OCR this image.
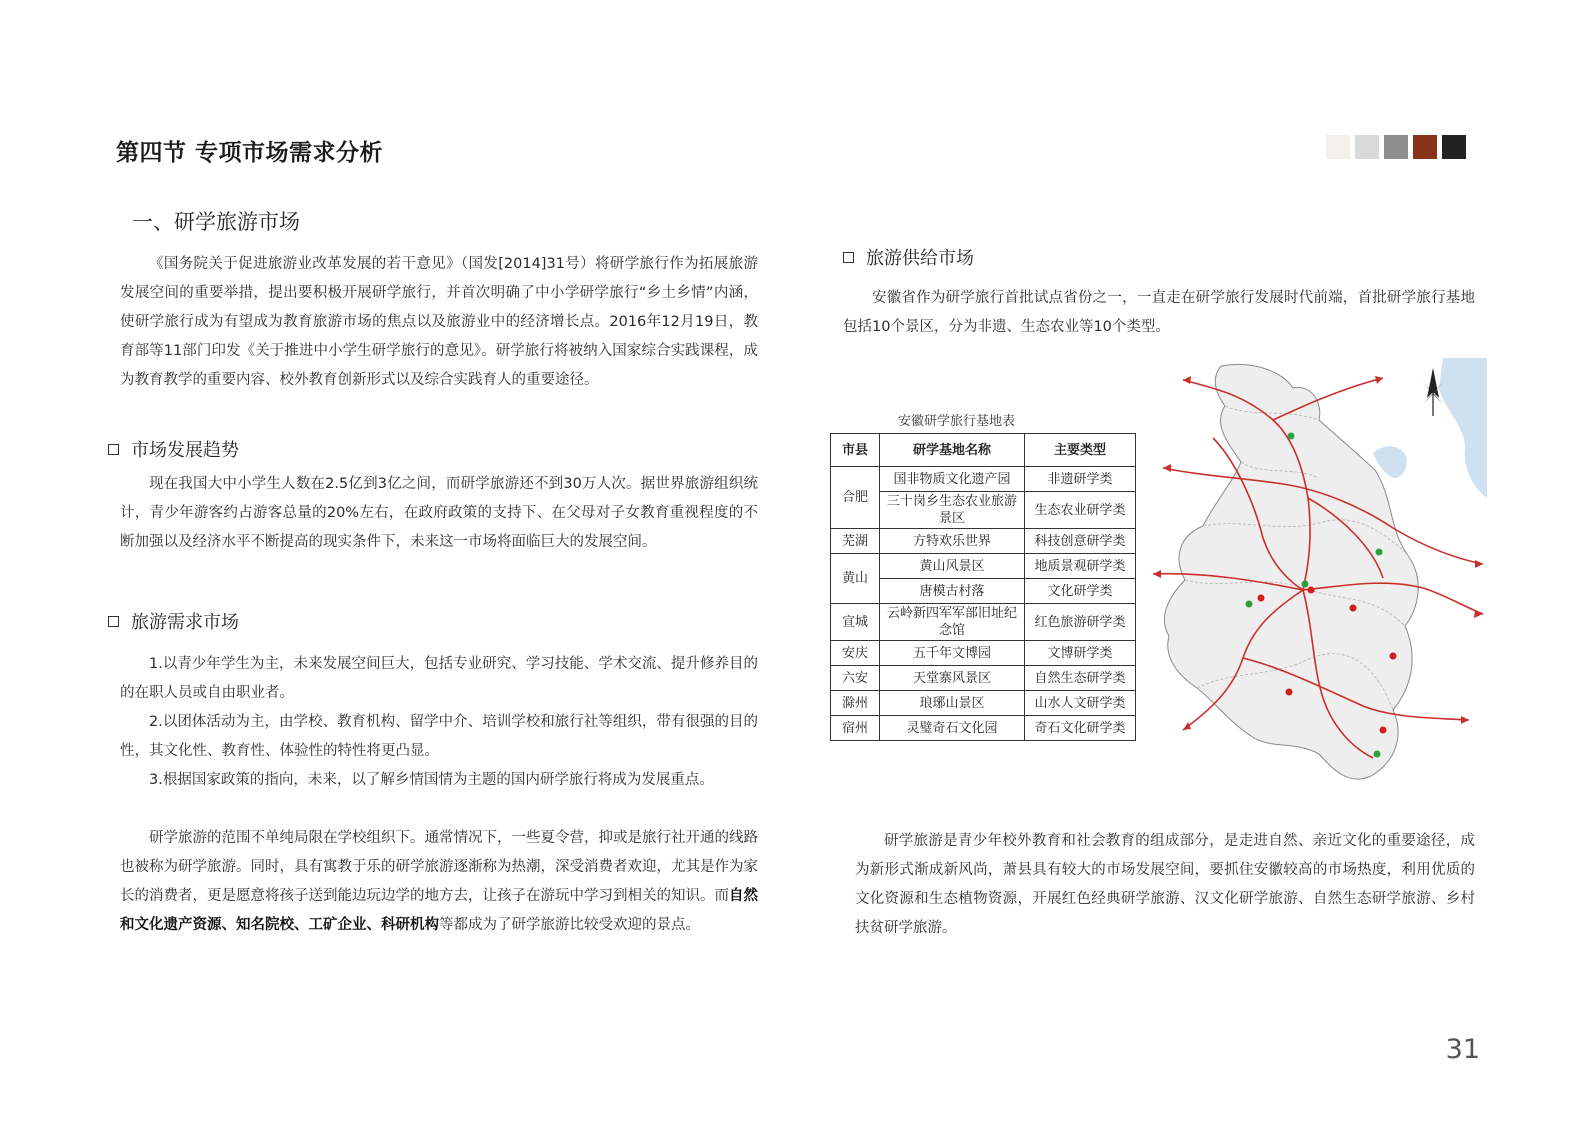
第四节 专项市场需求分析
一、研学旅游市场

《国务院关于促进旅游业改革发展的若干意见》（国发[2014]31号）将研学旅行作为拓展旅游发展空间的重要举措，提出要积极开展研学旅行，并首次明确了中小学研学旅行“乡土乡情”内涵，使研学旅行成为有望成为教育旅游市场的焦点以及旅游业中的经济增长点。2016年12月19日，教育部等11部门印发《关于推进中小学生研学旅行的意见》。研学旅行将被纳入国家综合实践课程，成为教育教学的重要内容、校外教育创新形式以及综合实践育人的重要途径。

市场发展趋势

现在我国大中小学生人数在2.5亿到3亿之间，而研学旅游还不到30万人次。据世界旅游组织统计，青少年游客约占游客总量的20%左右，在政府政策的支持下、在父母对子女教育重视程度的不断加强以及经济水平不断提高的现实条件下，未来这一市场将面临巨大的发展空间。

旅游需求市场

1.以青少年学生为主，未来发展空间巨大，包括专业研究、学习技能、学术交流、提升修养目的的在职人员或自由职业者。

2.以团体活动为主，由学校、教育机构、留学中介、培训学校和旅行社等组织，带有很强的目的性，其文化性、教育性、体验性的特性将更凸显。

3.根据国家政策的指向，未来，以了解乡情国情为主题的国内研学旅行将成为发展重点。

研学旅游的范围不单纯局限在学校组织下。通常情况下，一些夏令营，抑或是旅行社开通的线路也被称为研学旅游。同时，具有寓教于乐的研学旅游逐渐称为热潮，深受消费者欢迎，尤其是作为家长的消费者，更是愿意将孩子送到能边玩边学的地方去，让孩子在游玩中学习到相关的知识。而自然和文化遗产资源、知名院校、工矿企业、科研机构等都成为了研学旅游比较受欢迎的景点。

旅游供给市场

安徽省作为研学旅行首批试点省份之一，一直走在研学旅行发展时代前端，首批研学旅行基地包括10个景区，分为非遗、生态农业等10个类型。

安徽研学旅行基地表
市县	研学基地名称	主要类型
合肥	国非物质文化遗产园	非遗研学类
	三十岗乡生态农业旅游景区	生态农业研学类
芜湖	方特欢乐世界	科技创意研学类
黄山	黄山风景区	地质景观研学类
	唐模古村落	文化研学类
宣城	云岭新四军军部旧址纪念馆	红色旅游研学类
安庆	五千年文博园	文博研学类
六安	天堂寨风景区	自然生态研学类
滁州	琅琊山景区	山水人文研学类
宿州	灵璧奇石文化园	奇石文化研学类

研学旅游是青少年校外教育和社会教育的组成部分，是走进自然、亲近文化的重要途径，成为新形式渐成新风尚，萧县具有较大的市场发展空间，要抓住安徽较高的市场热度，利用优质的文化资源和生态植物资源，开展红色经典研学旅游、汉文化研学旅游、自然生态研学旅游、乡村扶贫研学旅游。

31
